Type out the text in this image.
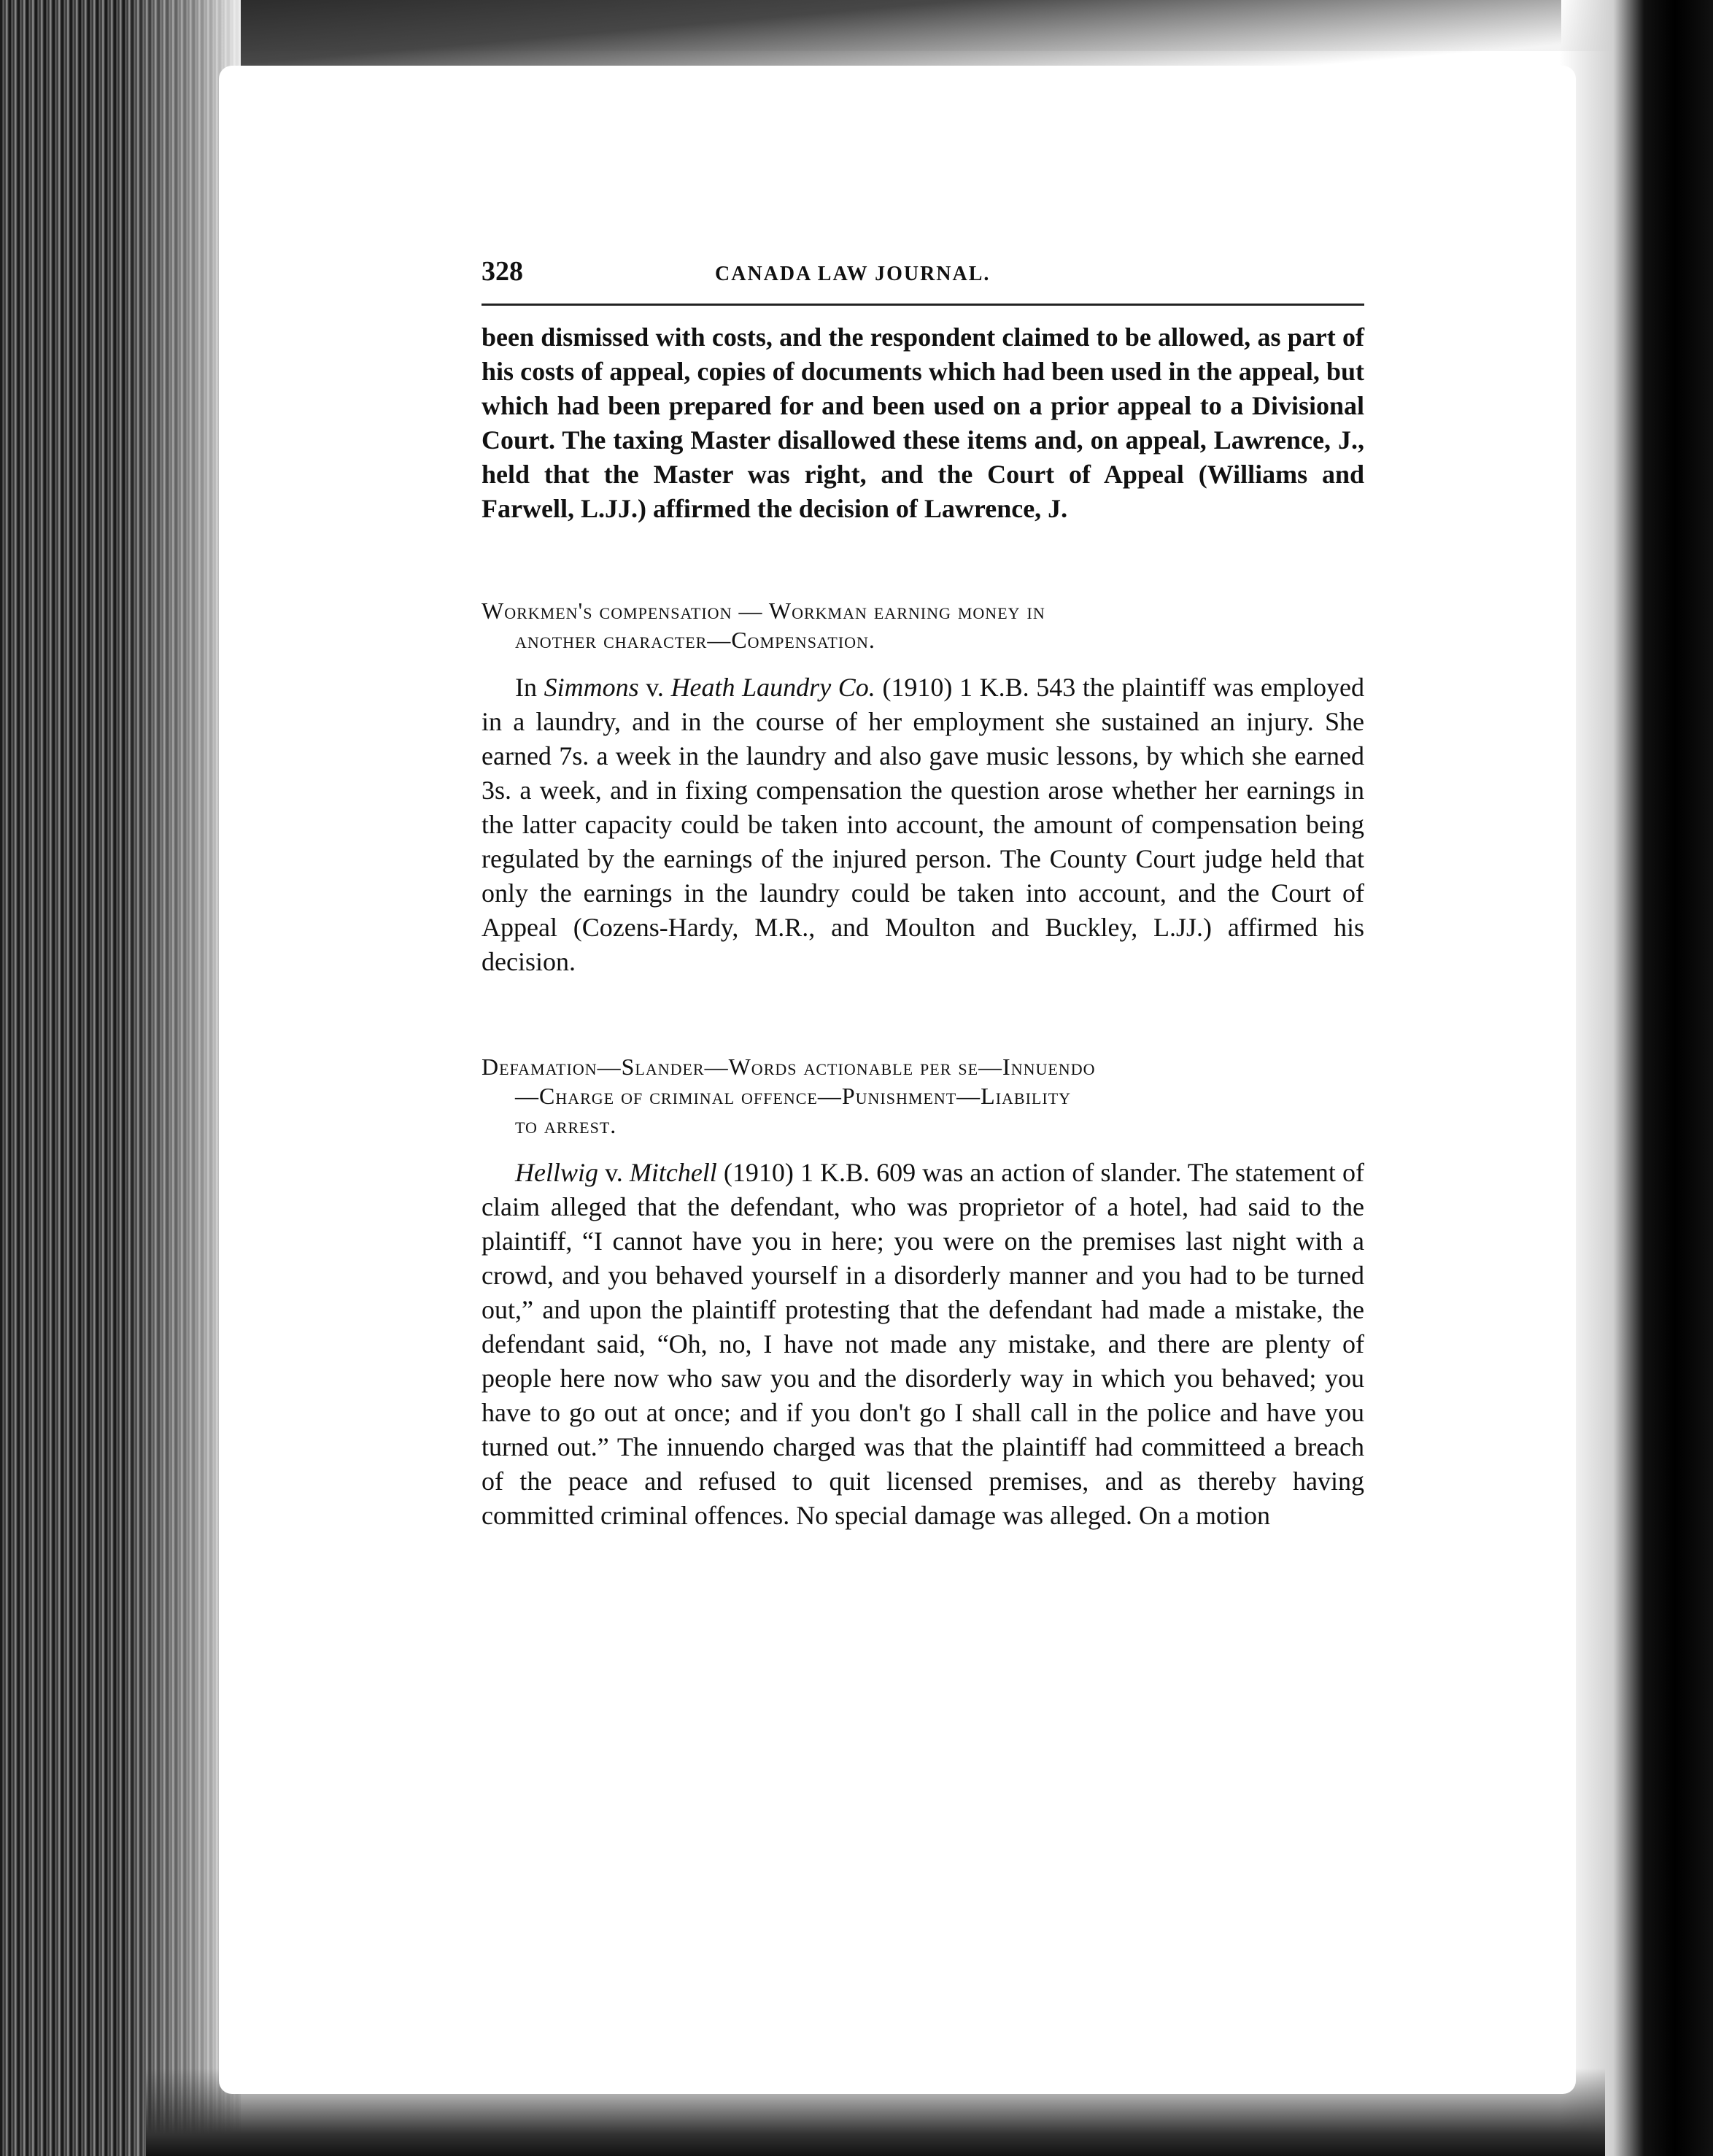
328	CANADA LAW JOURNAL.

been dismissed with costs, and the respondent claimed to be allowed, as part of his costs of appeal, copies of documents which had been used in the appeal, but which had been prepared for and been used on a prior appeal to a Divisional Court. The taxing Master disallowed these items and, on appeal, Lawrence, J., held that the Master was right, and the Court of Appeal (Williams and Farwell, L.JJ.) affirmed the decision of Lawrence, J.

Workmen's compensation — Workman earning money in
another character—Compensation.

In Simmons v. Heath Laundry Co. (1910) 1 K.B. 543 the plaintiff was employed in a laundry, and in the course of her employment she sustained an injury. She earned 7s. a week in the laundry and also gave music lessons, by which she earned 3s. a week, and in fixing compensation the question arose whether her earnings in the latter capacity could be taken into account, the amount of compensation being regulated by the earnings of the injured person. The County Court judge held that only the earnings in the laundry could be taken into account, and the Court of Appeal (Cozens-Hardy, M.R., and Moulton and Buckley, L.JJ.) affirmed his decision.

Defamation—Slander—Words actionable per se—Innuendo
—Charge of criminal offence—Punishment—Liability
to arrest.

Hellwig v. Mitchell (1910) 1 K.B. 609 was an action of slander. The statement of claim alleged that the defendant, who was proprietor of a hotel, had said to the plaintiff, “I cannot have you in here; you were on the premises last night with a crowd, and you behaved yourself in a disorderly manner and you had to be turned out,” and upon the plaintiff protesting that the defendant had made a mistake, the defendant said, “Oh, no, I have not made any mistake, and there are plenty of people here now who saw you and the disorderly way in which you behaved; you have to go out at once; and if you don't go I shall call in the police and have you turned out.” The innuendo charged was that the plaintiff had committeed a breach of the peace and refused to quit licensed premises, and as thereby having committed criminal offences. No special damage was alleged. On a motion
